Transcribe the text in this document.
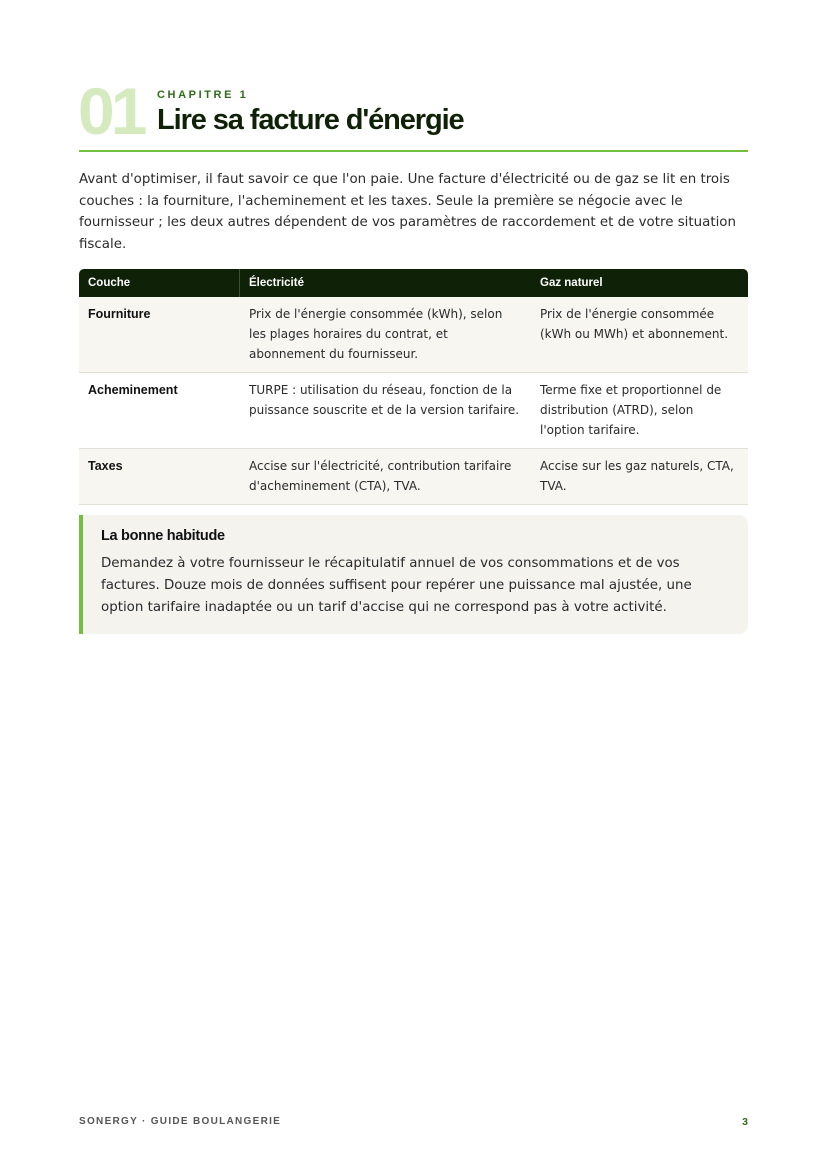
01 CHAPITRE 1
Lire sa facture d'énergie

Avant d'optimiser, il faut savoir ce que l'on paie. Une facture d'électricité ou de gaz se lit en trois couches : la fourniture, l'acheminement et les taxes. Seule la première se négocie avec le fournisseur ; les deux autres dépendent de vos paramètres de raccordement et de votre situation fiscale.

Couche	Électricité	Gaz naturel
Fourniture	Prix de l'énergie consommée (kWh), selon les plages horaires du contrat, et abonnement du fournisseur.	Prix de l'énergie consommée (kWh ou MWh) et abonnement.
Acheminement	TURPE : utilisation du réseau, fonction de la puissance souscrite et de la version tarifaire.	Terme fixe et proportionnel de distribution (ATRD), selon l'option tarifaire.
Taxes	Accise sur l'électricité, contribution tarifaire d'acheminement (CTA), TVA.	Accise sur les gaz naturels, CTA, TVA.
La bonne habitude
Demandez à votre fournisseur le récapitulatif annuel de vos consommations et de vos factures. Douze mois de données suffisent pour repérer une puissance mal ajustée, une option tarifaire inadaptée ou un tarif d'accise qui ne correspond pas à votre activité.
SONERGY · GUIDE BOULANGERIE	3
